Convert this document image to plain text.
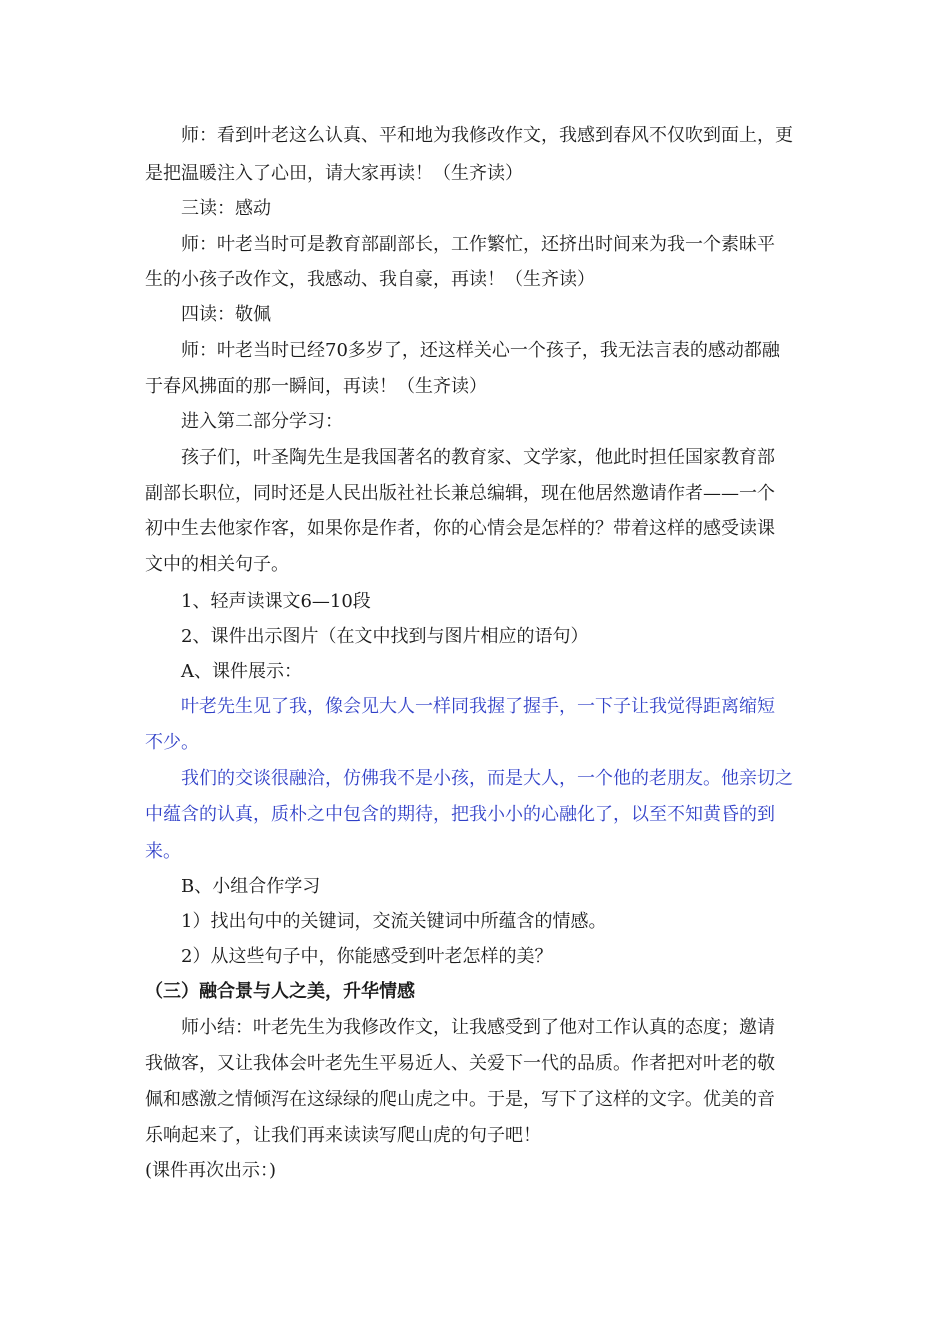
师：看到叶老这么认真、平和地为我修改作文，我感到春风不仅吹到面上，更
是把温暖注入了心田，请大家再读！（生齐读）
三读：感动
师：叶老当时可是教育部副部长，工作繁忙，还挤出时间来为我一个素昧平
生的小孩子改作文，我感动、我自豪，再读！（生齐读）
四读：敬佩
师：叶老当时已经70多岁了，还这样关心一个孩子，我无法言表的感动都融
于春风拂面的那一瞬间，再读！（生齐读）
进入第二部分学习：
孩子们，叶圣陶先生是我国著名的教育家、文学家，他此时担任国家教育部
副部长职位，同时还是人民出版社社长兼总编辑，现在他居然邀请作者——一个
初中生去他家作客，如果你是作者，你的心情会是怎样的？带着这样的感受读课
文中的相关句子。
1、轻声读课文6—10段
2、课件出示图片（在文中找到与图片相应的语句）
A、课件展示：
叶老先生见了我，像会见大人一样同我握了握手，一下子让我觉得距离缩短
不少。
我们的交谈很融洽，仿佛我不是小孩，而是大人，一个他的老朋友。他亲切之
中蕴含的认真，质朴之中包含的期待，把我小小的心融化了，以至不知黄昏的到
来。
B、小组合作学习
1）找出句中的关键词，交流关键词中所蕴含的情感。
2）从这些句子中，你能感受到叶老怎样的美？
（三）融合景与人之美，升华情感
师小结：叶老先生为我修改作文，让我感受到了他对工作认真的态度；邀请
我做客，又让我体会叶老先生平易近人、关爱下一代的品质。作者把对叶老的敬
佩和感激之情倾泻在这绿绿的爬山虎之中。于是，写下了这样的文字。优美的音
乐响起来了，让我们再来读读写爬山虎的句子吧！
(课件再次出示：)
